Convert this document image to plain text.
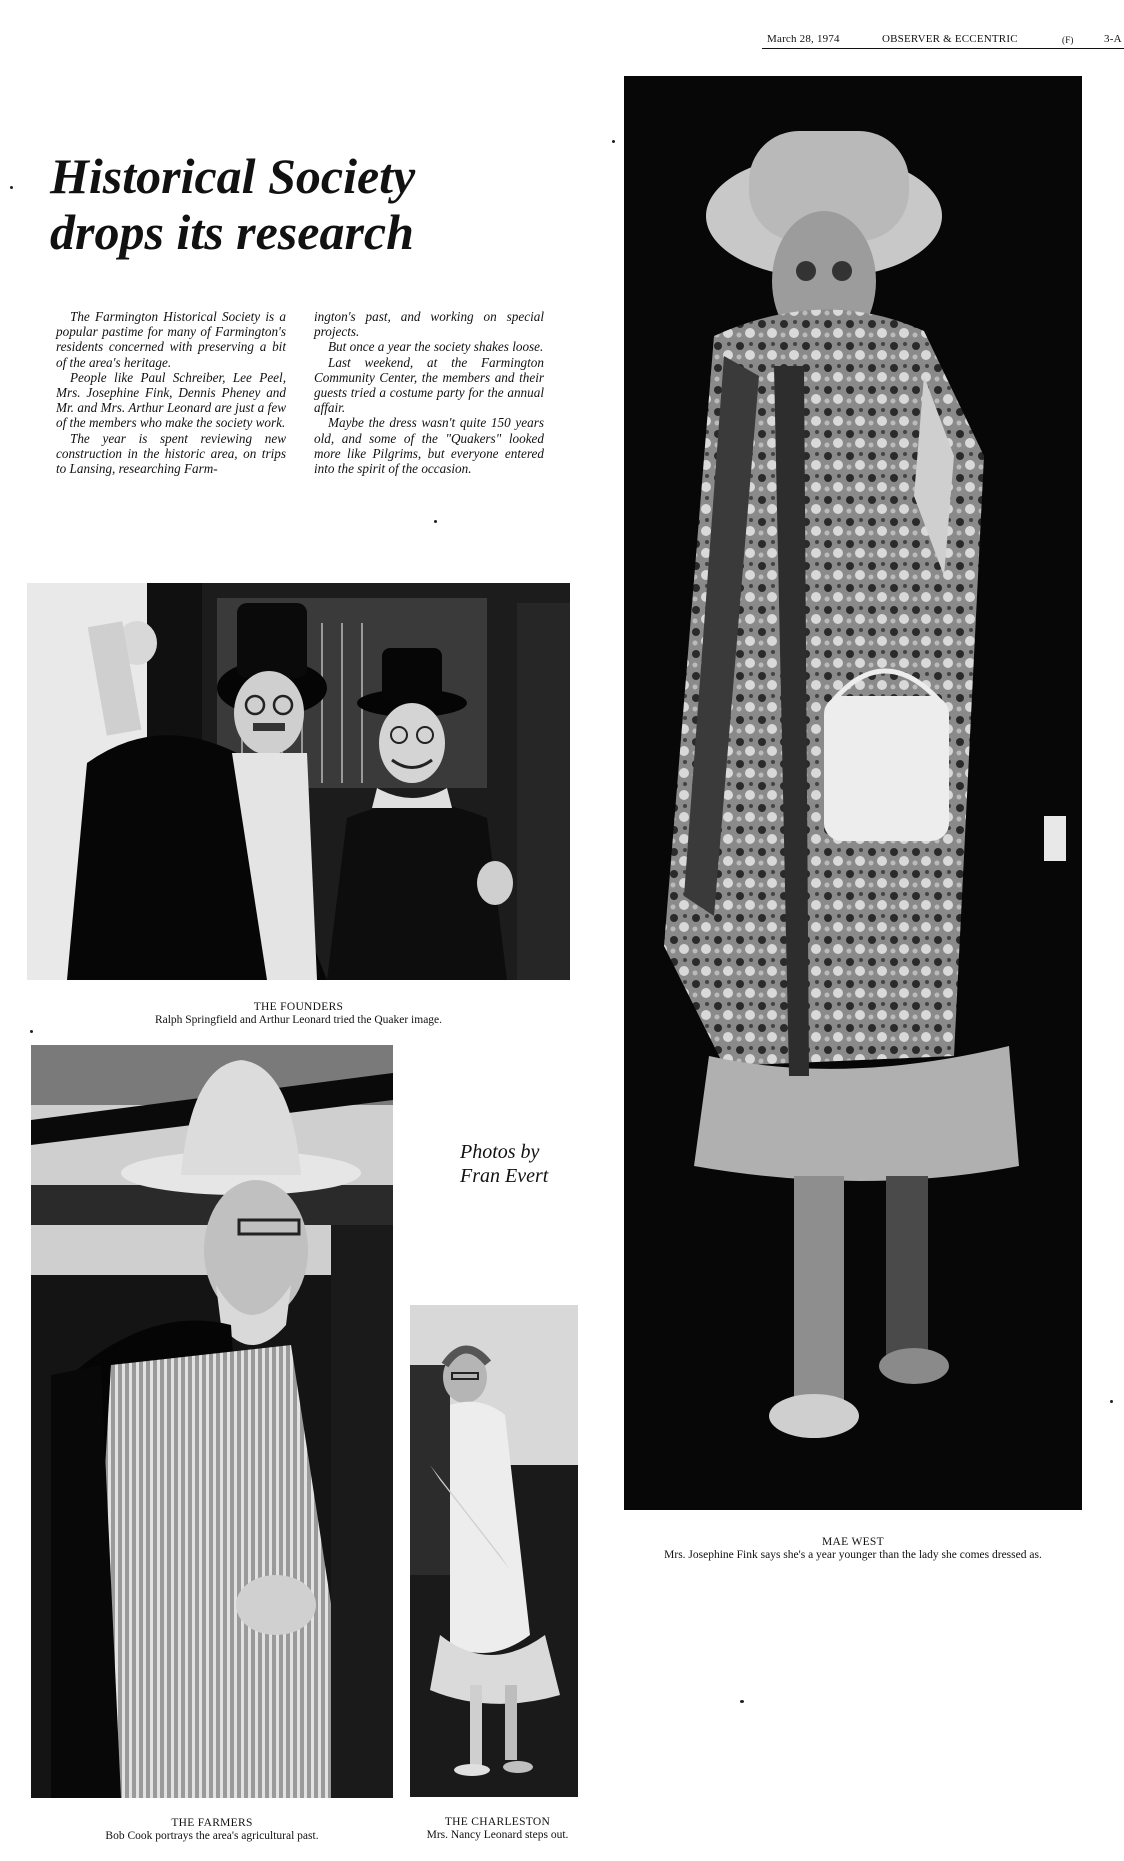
March 28, 1974	OBSERVER & ECCENTRIC	(F)	3-A
Historical Society
drops its research

The Farmington Historical Society is a popular pastime for many of Farmington's residents concerned with preserving a bit of the area's heritage.

People like Paul Schreiber, Lee Peel, Mrs. Josephine Fink, Dennis Pheney and Mr. and Mrs. Arthur Leonard are just a few of the members who make the society work.

The year is spent reviewing new construction in the historic area, on trips to Lansing, researching Farm-

ington's past, and working on special projects.

But once a year the society shakes loose.

Last weekend, at the Farmington Community Center, the members and their guests tried a costume party for the annual affair.

Maybe the dress wasn't quite 150 years old, and some of the "Quakers" looked more like Pilgrims, but everyone entered into the spirit of the occasion.

THE FOUNDERS
Ralph Springfield and Arthur Leonard tried the Quaker image.
MAE WEST
Mrs. Josephine Fink says she's a year younger than the lady she comes dressed as.
Photos by
Fran Evert
THE FARMERS
Bob Cook portrays the area's agricultural past.
THE CHARLESTON
Mrs. Nancy Leonard steps out.
